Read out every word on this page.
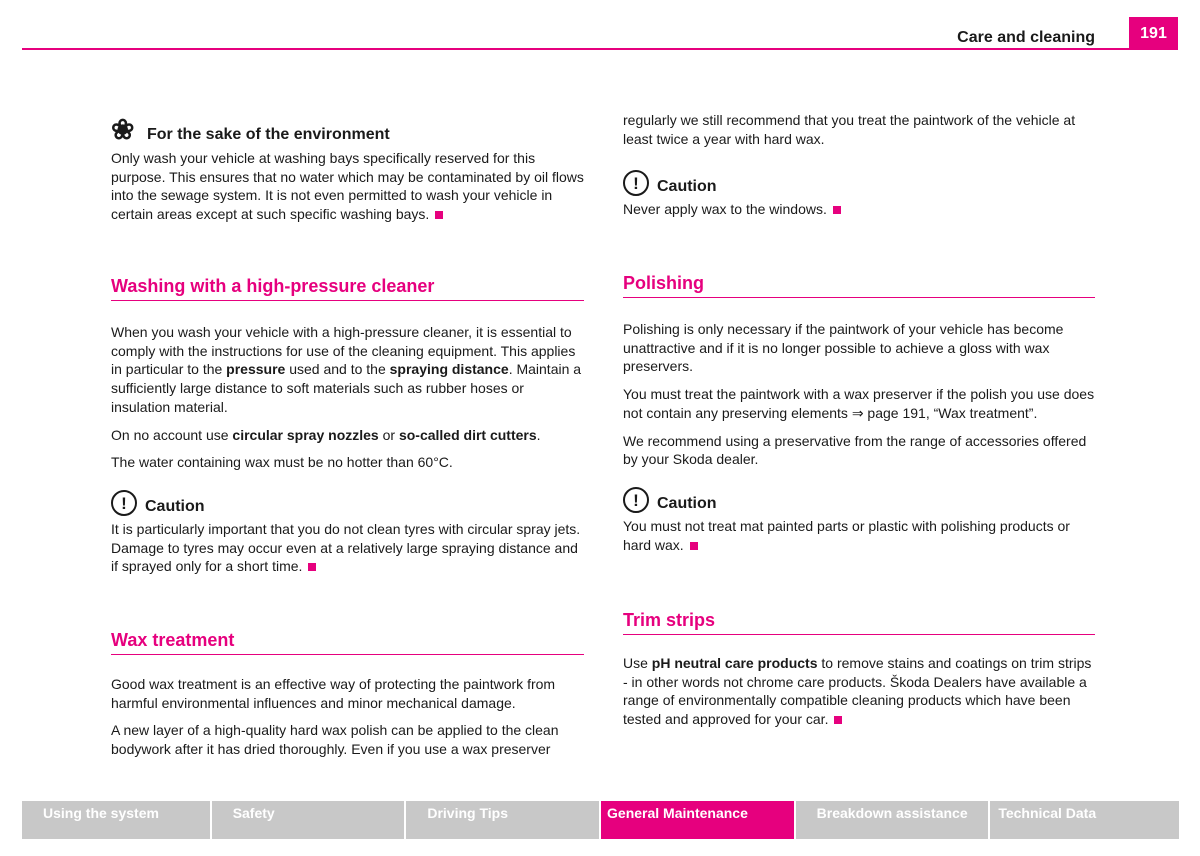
Care and cleaning	191
❀ For the sake of the environment

Only wash your vehicle at washing bays specifically reserved for this purpose. This ensures that no water which may be contaminated by oil flows into the sewage system. It is not even permitted to wash your vehicle in certain areas except at such specific washing bays.

Washing with a high-pressure cleaner

When you wash your vehicle with a high-pressure cleaner, it is essential to comply with the instructions for use of the cleaning equipment. This applies in particular to the pressure used and to the spraying distance. Maintain a sufficiently large distance to soft materials such as rubber hoses or insulation material.

On no account use circular spray nozzles or so-called dirt cutters.

The water containing wax must be no hotter than 60°C.

!	Caution

It is particularly important that you do not clean tyres with circular spray jets. Damage to tyres may occur even at a relatively large spraying distance and if sprayed only for a short time.

Wax treatment

Good wax treatment is an effective way of protecting the paintwork from harmful environmental influences and minor mechanical damage.

A new layer of a high-quality hard wax polish can be applied to the clean bodywork after it has dried thoroughly. Even if you use a wax preserver

regularly we still recommend that you treat the paintwork of the vehicle at least twice a year with hard wax.

!	Caution

Never apply wax to the windows.

Polishing

Polishing is only necessary if the paintwork of your vehicle has become unattractive and if it is no longer possible to achieve a gloss with wax preservers.

You must treat the paintwork with a wax preserver if the polish you use does not contain any preserving elements ⇒ page 191, “Wax treatment”.

We recommend using a preservative from the range of accessories offered by your Skoda dealer.

!	Caution

You must not treat mat painted parts or plastic with polishing products or hard wax.

Trim strips

Use pH neutral care products to remove stains and coatings on trim strips - in other words not chrome care products. Škoda Dealers have available a range of environmentally compatible cleaning products which have been tested and approved for your car.

Using the system	Safety	Driving Tips	General Maintenance	Breakdown assistance	Technical Data
